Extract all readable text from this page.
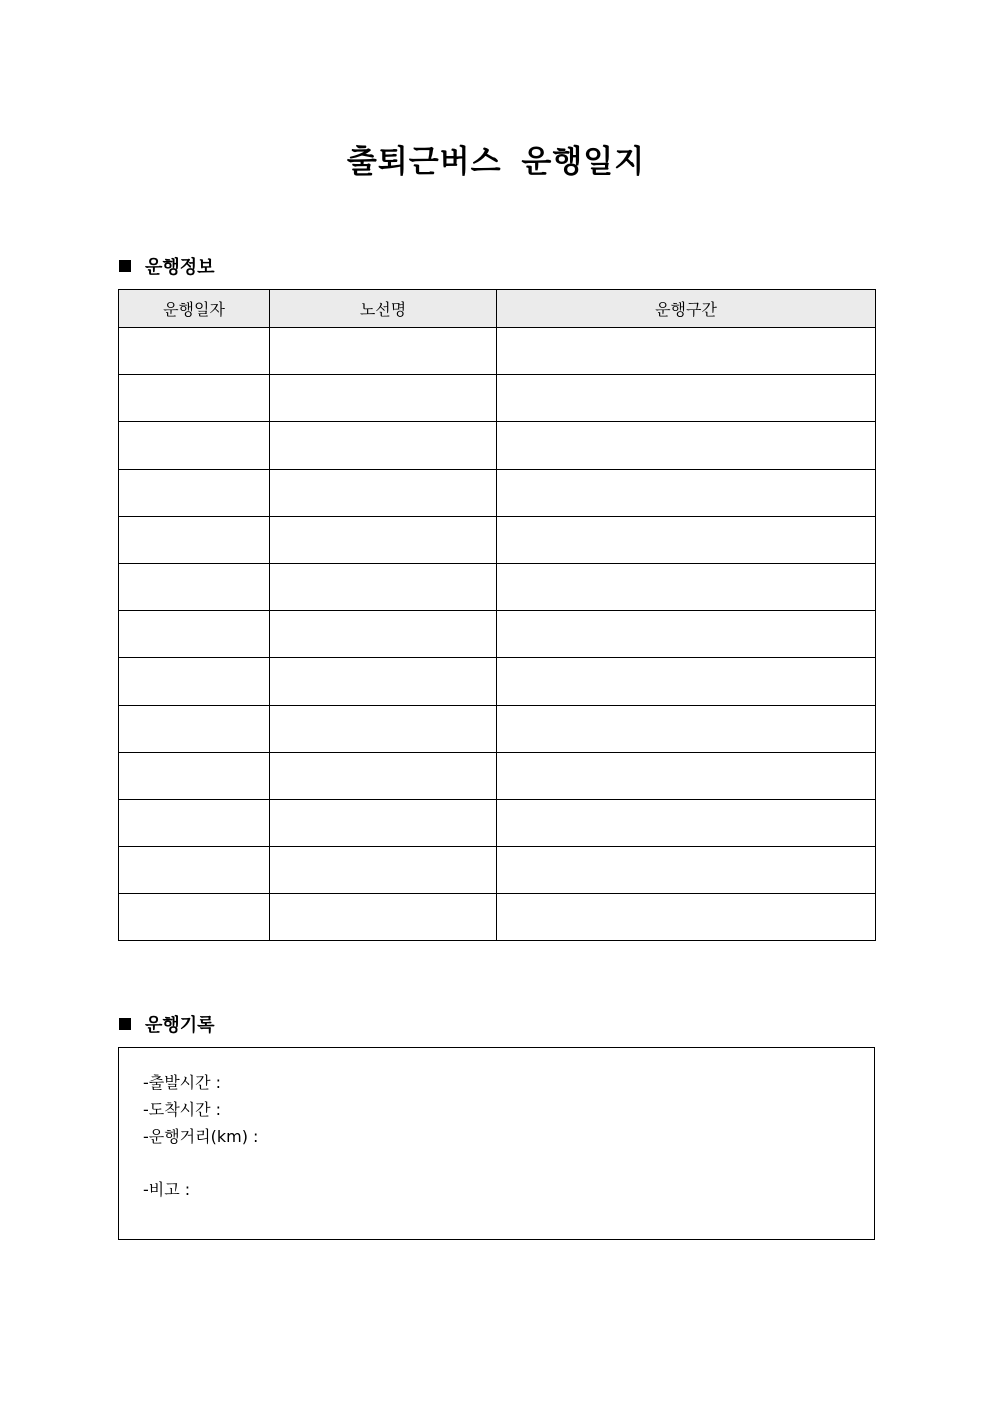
출퇴근버스 운행일지
운행정보
운행일자	노선명	운행구간

운행기록
-출발시간 :
-도착시간 :
-운행거리(km) :
-비고 :
